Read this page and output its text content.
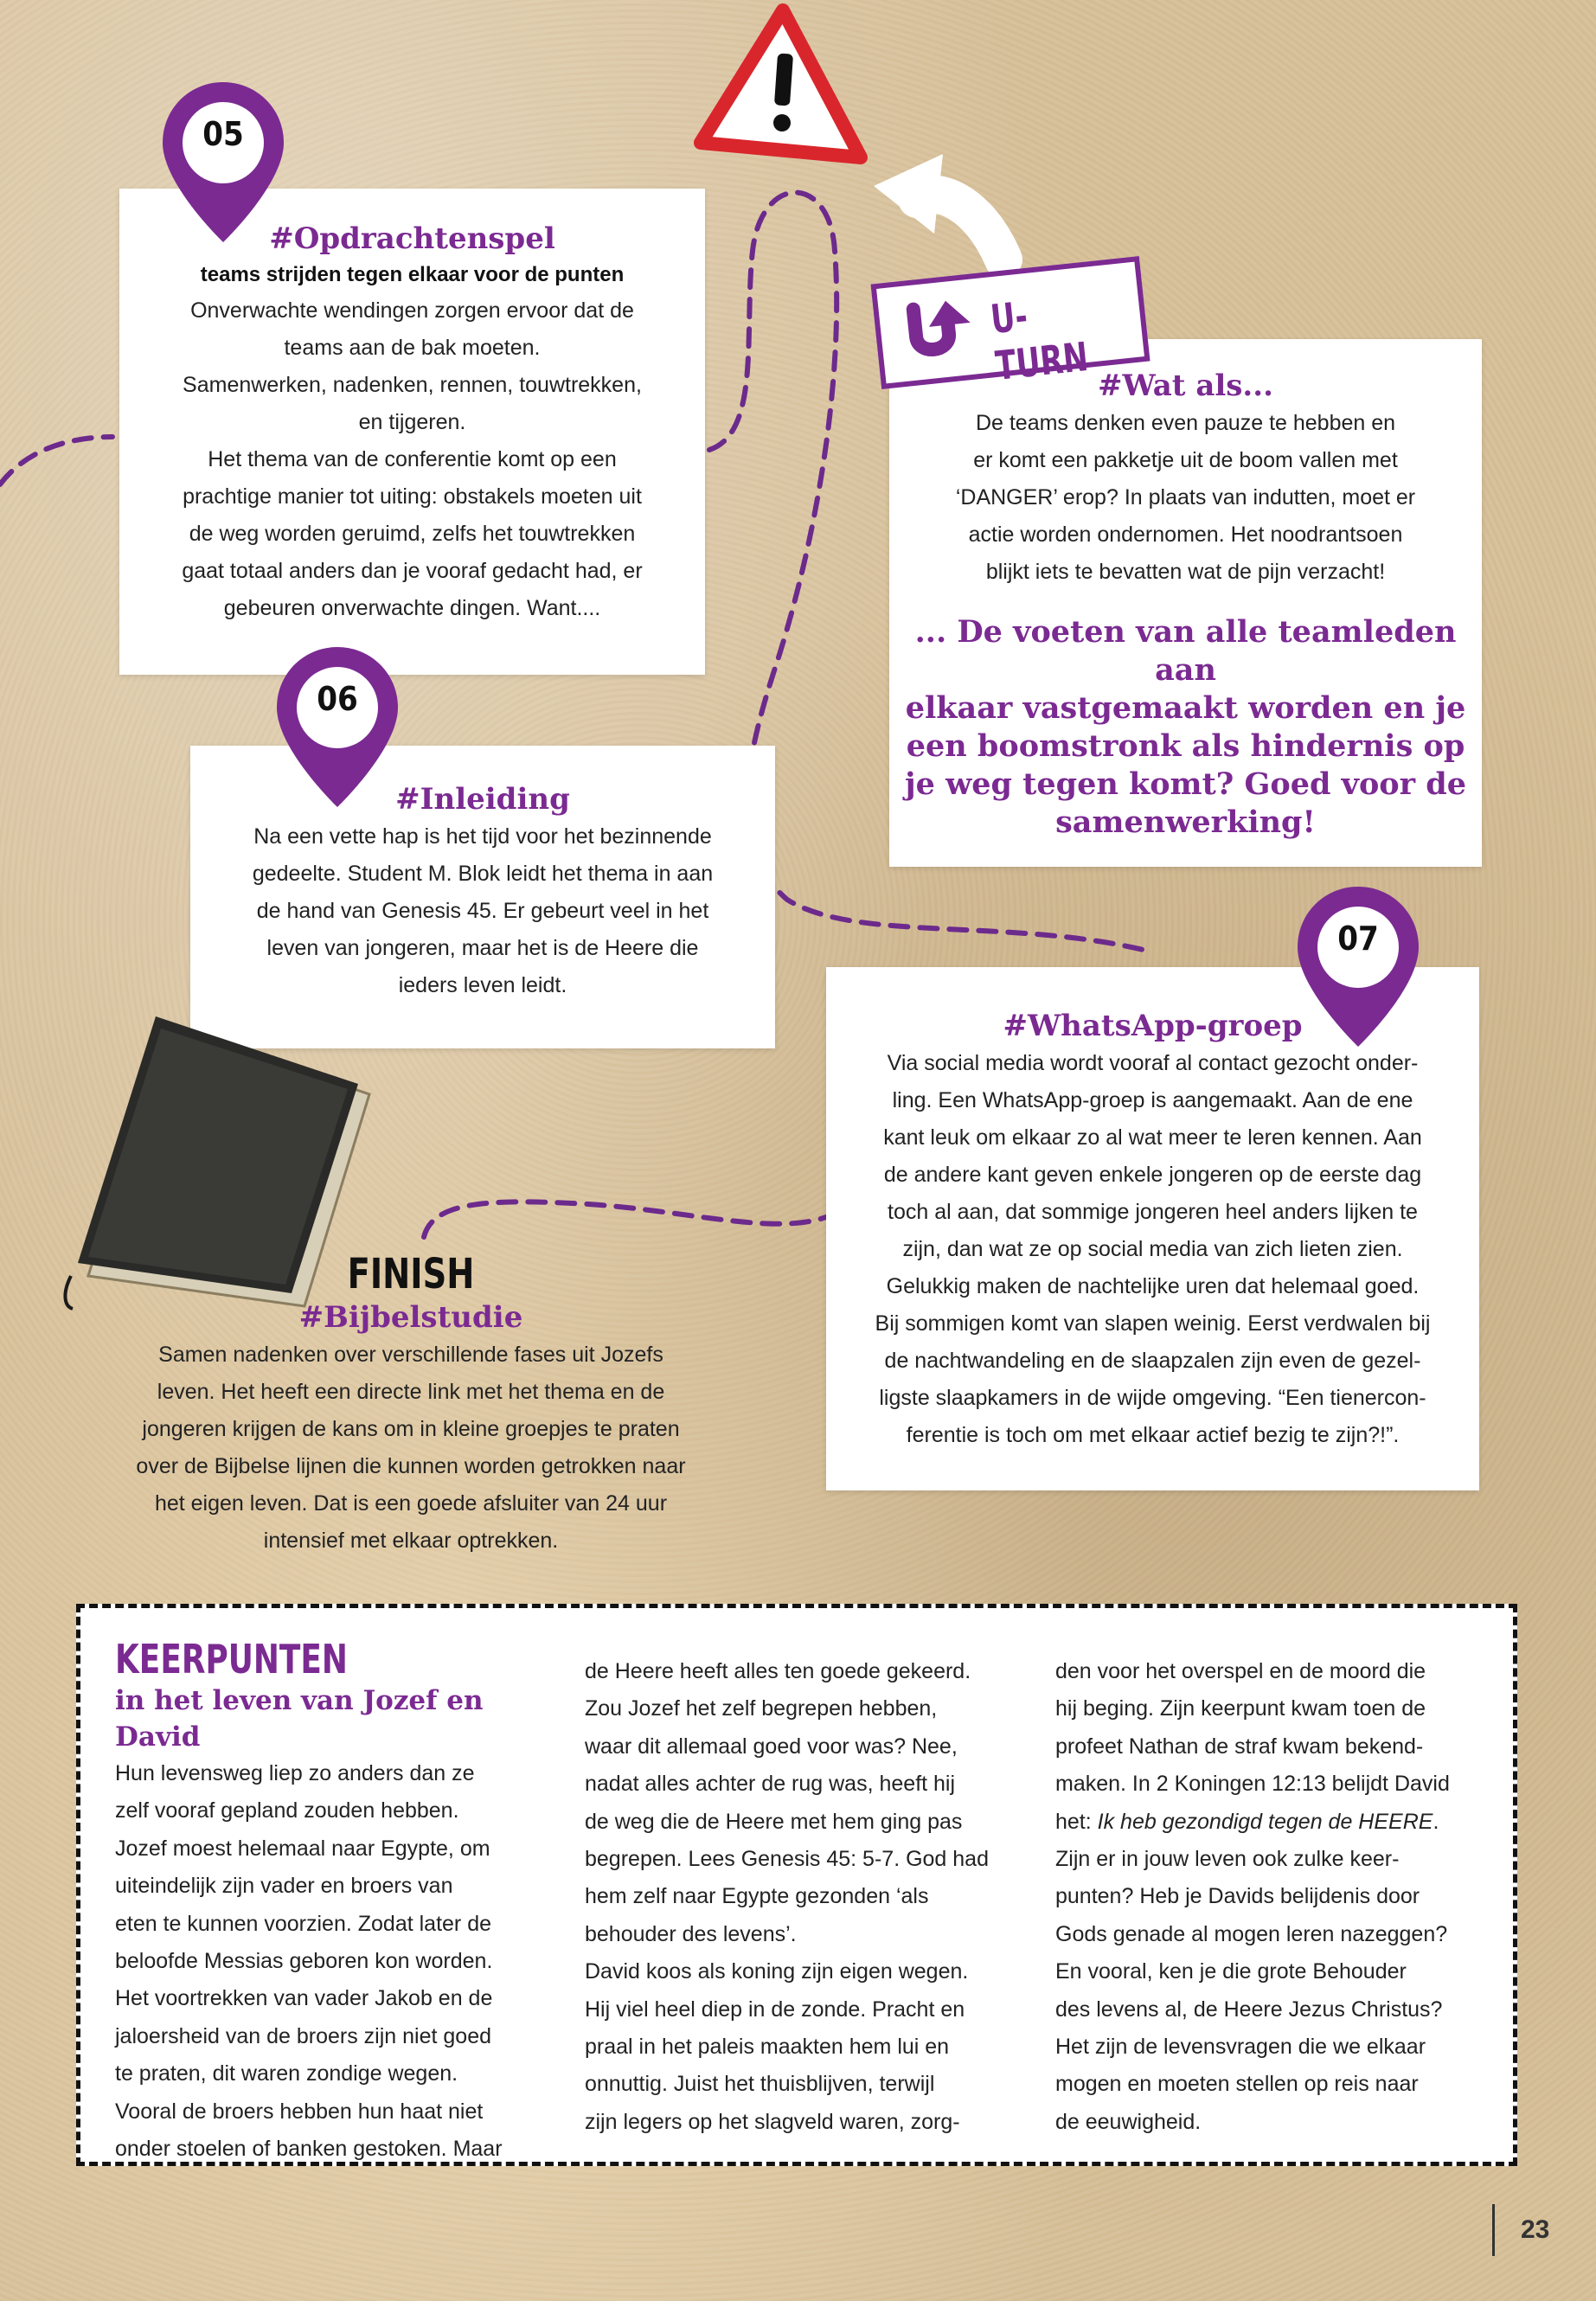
#Opdrachtenspel
teams strijden tegen elkaar voor de punten
Onverwachte wendingen zorgen ervoor dat de
teams aan de bak moeten.
Samenwerken, nadenken, rennen, touwtrekken,
en tijgeren.
Het thema van de conferentie komt op een
prachtige manier tot uiting: obstakels moeten uit
de weg worden geruimd, zelfs het touwtrekken
gaat totaal anders dan je vooraf gedacht had, er
gebeuren onverwachte dingen. Want....
#Wat als...
De teams denken even pauze te hebben en
er komt een pakketje uit de boom vallen met
‘DANGER’ erop? In plaats van indutten, moet er
actie worden ondernomen. Het noodrantsoen
blijkt iets te bevatten wat de pijn verzacht!
... De voeten van alle teamleden aan
elkaar vastgemaakt worden en je
een boomstronk als hindernis op
je weg tegen komt? Goed voor de
samenwerking!
U-TURN
#Inleiding
Na een vette hap is het tijd voor het bezinnende
gedeelte. Student M. Blok leidt het thema in aan
de hand van Genesis 45. Er gebeurt veel in het
leven van jongeren, maar het is de Heere die
ieders leven leidt.
#WhatsApp-groep
Via social media wordt vooraf al contact gezocht onder-
ling. Een WhatsApp-groep is aangemaakt. Aan de ene
kant leuk om elkaar zo al wat meer te leren kennen. Aan
de andere kant geven enkele jongeren op de eerste dag
toch al aan, dat sommige jongeren heel anders lijken te
zijn, dan wat ze op social media van zich lieten zien.
Gelukkig maken de nachtelijke uren dat helemaal goed.
Bij sommigen komt van slapen weinig. Eerst verdwalen bij
de nachtwandeling en de slaapzalen zijn even de gezel-
ligste slaapkamers in de wijde omgeving. “Een tienercon-
ferentie is toch om met elkaar actief bezig te zijn?!”.
05
06
07
FINISH
#Bijbelstudie
Samen nadenken over verschillende fases uit Jozefs
leven. Het heeft een directe link met het thema en de
jongeren krijgen de kans om in kleine groepjes te praten
over de Bijbelse lijnen die kunnen worden getrokken naar
het eigen leven. Dat is een goede afsluiter van 24 uur
intensief met elkaar optrekken.
KEERPUNTEN
in het leven van Jozef en David
Hun levensweg liep zo anders dan ze
zelf vooraf gepland zouden hebben.
Jozef moest helemaal naar Egypte, om
uiteindelijk zijn vader en broers van
eten te kunnen voorzien. Zodat later de
beloofde Messias geboren kon worden.
Het voortrekken van vader Jakob en de
jaloersheid van de broers zijn niet goed
te praten, dit waren zondige wegen.
Vooral de broers hebben hun haat niet
onder stoelen of banken gestoken. Maar
de Heere heeft alles ten goede gekeerd.
Zou Jozef het zelf begrepen hebben,
waar dit allemaal goed voor was? Nee,
nadat alles achter de rug was, heeft hij
de weg die de Heere met hem ging pas
begrepen. Lees Genesis 45: 5-7. God had
hem zelf naar Egypte gezonden ‘als
behouder des levens’.
David koos als koning zijn eigen wegen.
Hij viel heel diep in de zonde. Pracht en
praal in het paleis maakten hem lui en
onnuttig. Juist het thuisblijven, terwijl
zijn legers op het slagveld waren, zorg-
den voor het overspel en de moord die
hij beging. Zijn keerpunt kwam toen de
profeet Nathan de straf kwam bekend-
maken. In 2 Koningen 12:13 belijdt David
het: Ik heb gezondigd tegen de HEERE.
Zijn er in jouw leven ook zulke keer-
punten? Heb je Davids belijdenis door
Gods genade al mogen leren nazeggen?
En vooral, ken je die grote Behouder
des levens al, de Heere Jezus Christus?
Het zijn de levensvragen die we elkaar
mogen en moeten stellen op reis naar
de eeuwigheid.
23
